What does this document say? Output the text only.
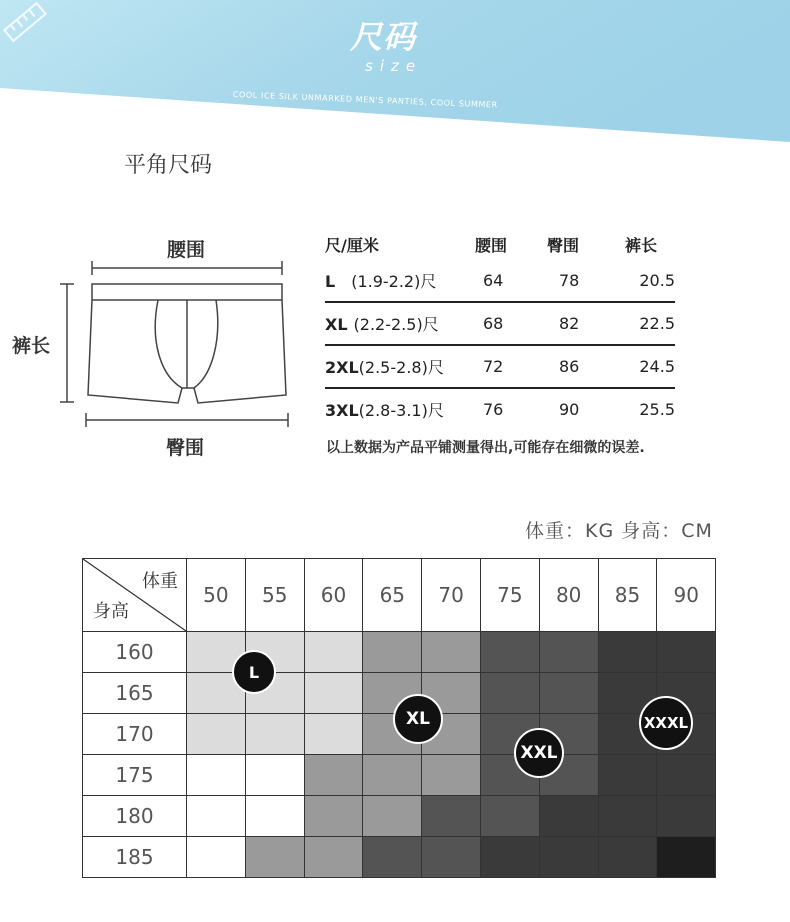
尺码
size
COOL ICE SILK UNMARKED MEN'S PANTIES, COOL SUMMER
平角尺码
腰围
裤长
臀围
尺/厘米	腰围	臀围	裤长
L (1.9-2.2)尺	64	78	20.5
XL (2.2-2.5)尺	68	82	22.5
2XL(2.5-2.8)尺	72	86	24.5
3XL(2.8-3.1)尺	76	90	25.5
以上数据为产品平铺测量得出,可能存在细微的误差.
体重：KG 身高：CM
体重
身高	50	55	60	65	70	75	80	85	90
160									
165									
170									
175									
180									
185									
L
XL
XXL
XXXL
